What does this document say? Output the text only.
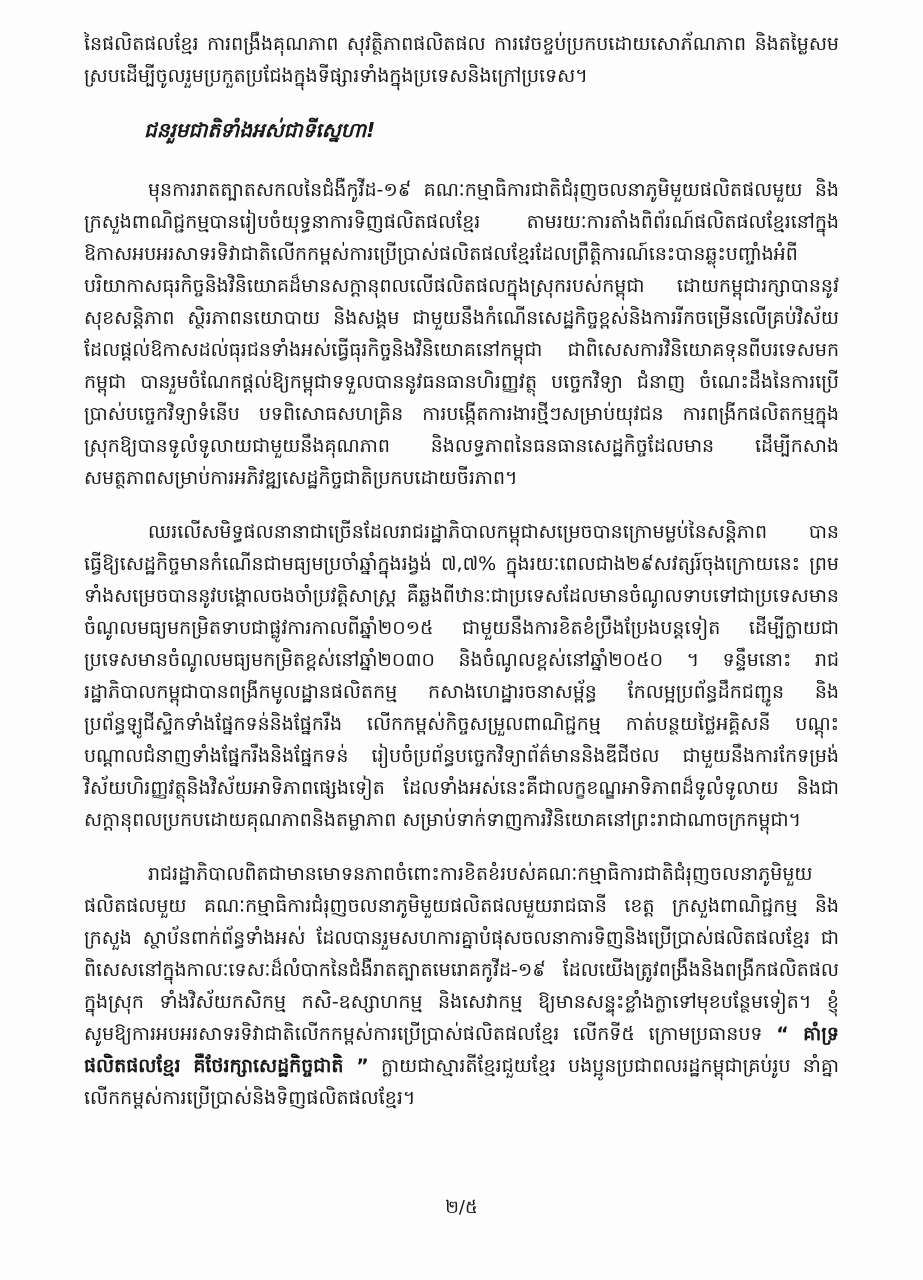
នៃផលិតផលខ្មែរ ការពង្រឹងគុណភាព សុវត្ថិភាពផលិតផល ការវេចខ្ចប់ប្រកបដោយសោភ័ណភាព និងតម្លៃសមស្របដើម្បីចូលរួមប្រកួតប្រជែងក្នុងទីផ្សារទាំងក្នុងប្រទេសនិងក្រៅប្រទេស។

ជនរួមជាតិទាំងអស់ជាទីស្នេហា!

មុនការរាតត្បាតសកលនៃជំងឺកូវីដ-១៩ គណៈកម្មាធិការជាតិជំរុញចលនាភូមិមួយផលិតផលមួយ និងក្រសួងពាណិជ្ជកម្មបានរៀបចំយុទ្ធនាការទិញផលិតផលខ្មែរ តាមរយៈការតាំងពិព័រណ៍ផលិតផលខ្មែរនៅក្នុងឱកាសអបអរសាទរទិវាជាតិលើកកម្ពស់ការប្រើប្រាស់ផលិតផលខ្មែរដែលព្រឹត្តិការណ៍នេះបានឆ្លុះបញ្ចាំងអំពីបរិយាកាសធុរកិច្ចនិងវិនិយោគដ៏មានសក្តានុពលលើផលិតផលក្នុងស្រុករបស់កម្ពុជា ដោយកម្ពុជារក្សាបាននូវសុខសន្តិភាព ស្ថិរភាពនយោបាយ និងសង្គម ជាមួយនឹងកំណើនសេដ្ឋកិច្ចខ្ពស់និងការរីកចម្រើនលើគ្រប់វិស័យដែលផ្តល់ឱកាសដល់ធុរជនទាំងអស់ធ្វើធុរកិច្ចនិងវិនិយោគនៅកម្ពុជា ជាពិសេសការវិនិយោគទុនពីបរទេសមកកម្ពុជា បានរួមចំណែកផ្តល់ឱ្យកម្ពុជាទទួលបាននូវធនធានហិរញ្ញវត្ថុ បច្ចេកវិទ្យា ជំនាញ ចំណេះដឹងនៃការប្រើប្រាស់បច្ចេកវិទ្យាទំនើប បទពិសោធសហគ្រិន ការបង្កើតការងារថ្មីៗសម្រាប់យុវជន ការពង្រីកផលិតកម្មក្នុងស្រុកឱ្យបានទូលំទូលាយជាមួយនឹងគុណភាព និងលទ្ធភាពនៃធនធានសេដ្ឋកិច្ចដែលមាន ដើម្បីកសាងសមត្ថភាពសម្រាប់ការអភិវឌ្ឍសេដ្ឋកិច្ចជាតិប្រកបដោយចីរភាព។

ឈរលើសមិទ្ធផលនានាជាច្រើនដែលរាជរដ្ឋាភិបាលកម្ពុជាសម្រេចបានក្រោមម្លប់នៃសន្តិភាព បានធ្វើឱ្យសេដ្ឋកិច្ចមានកំណើនជាមធ្យមប្រចាំឆ្នាំក្នុងរង្វង់ ៧,៧% ក្នុងរយៈពេលជាង២៩សវត្សរ៍ចុងក្រោយនេះ ព្រមទាំងសម្រេចបាននូវបង្គោលចងចាំប្រវត្តិសាស្ត្រ គឺឆ្លងពីឋានៈជាប្រទេសដែលមានចំណូលទាបទៅជាប្រទេសមានចំណូលមធ្យមកម្រិតទាបជាផ្លូវការកាលពីឆ្នាំ២០១៥ ជាមួយនឹងការខិតខំប្រឹងប្រែងបន្តទៀត ដើម្បីក្លាយជាប្រទេសមានចំណូលមធ្យមកម្រិតខ្ពស់នៅឆ្នាំ២០៣០ និងចំណូលខ្ពស់នៅឆ្នាំ២០៥០ ។ ទន្ទឹមនោះ រាជរដ្ឋាភិបាលកម្ពុជាបានពង្រីកមូលដ្ឋានផលិតកម្ម កសាងហេដ្ឋារចនាសម្ព័ន្ធ កែលម្អប្រព័ន្ធដឹកជញ្ជូន និងប្រព័ន្ធឡូជីស្ទិកទាំងផ្នែកទន់និងផ្នែករឹង លើកកម្ពស់កិច្ចសម្រួលពាណិជ្ជកម្ម កាត់បន្ថយថ្លៃអគ្គិសនី បណ្តុះបណ្តាលជំនាញទាំងផ្នែករឹងនិងផ្នែកទន់ រៀបចំប្រព័ន្ធបច្ចេកវិទ្យាព័ត៌មាននិងឌីជីថល ជាមួយនឹងការកែទម្រង់វិស័យហិរញ្ញវត្ថុនិងវិស័យអាទិភាពផ្សេងទៀត ដែលទាំងអស់នេះគឺជាលក្ខខណ្ឌអាទិភាពដ៏ទូលំទូលាយ និងជាសក្តានុពលប្រកបដោយគុណភាពនិងតម្លាភាព សម្រាប់ទាក់ទាញការវិនិយោគនៅព្រះរាជាណាចក្រកម្ពុជា។

រាជរដ្ឋាភិបាលពិតជាមានមោទនភាពចំពោះការខិតខំរបស់គណៈកម្មាធិការជាតិជំរុញចលនាភូមិមួយផលិតផលមួយ គណៈកម្មាធិការជំរុញចលនាភូមិមួយផលិតផលមួយរាជធានី ខេត្ត ក្រសួងពាណិជ្ជកម្ម និងក្រសួង ស្ថាប័នពាក់ព័ន្ធទាំងអស់ ដែលបានរួមសហការគ្នាបំផុសចលនាការទិញនិងប្រើប្រាស់ផលិតផលខ្មែរ ជាពិសេសនៅក្នុងកាលៈទេសៈដ៏លំបាកនៃជំងឺរាតត្បាតមេរោគកូវីដ-១៩ ដែលយើងត្រូវពង្រឹងនិងពង្រីកផលិតផលក្នុងស្រុក ទាំងវិស័យកសិកម្ម កសិ-ឧស្សាហកម្ម និងសេវាកម្ម ឱ្យមានសន្ទុះខ្លាំងក្លាទៅមុខបន្ថែមទៀត។ ខ្ញុំសូមឱ្យការអបអរសាទរទិវាជាតិលើកកម្ពស់ការប្រើប្រាស់ផលិតផលខ្មែរ លើកទី៥ ក្រោមប្រធានបទ “ គាំទ្រផលិតផលខ្មែរ គឺថែរក្សាសេដ្ឋកិច្ចជាតិ ” ក្លាយជាស្មារតីខ្មែរជួយខ្មែរ បងប្អូនប្រជាពលរដ្ឋកម្ពុជាគ្រប់រូប នាំគ្នាលើកកម្ពស់ការប្រើប្រាស់និងទិញផលិតផលខ្មែរ។

២/៥
